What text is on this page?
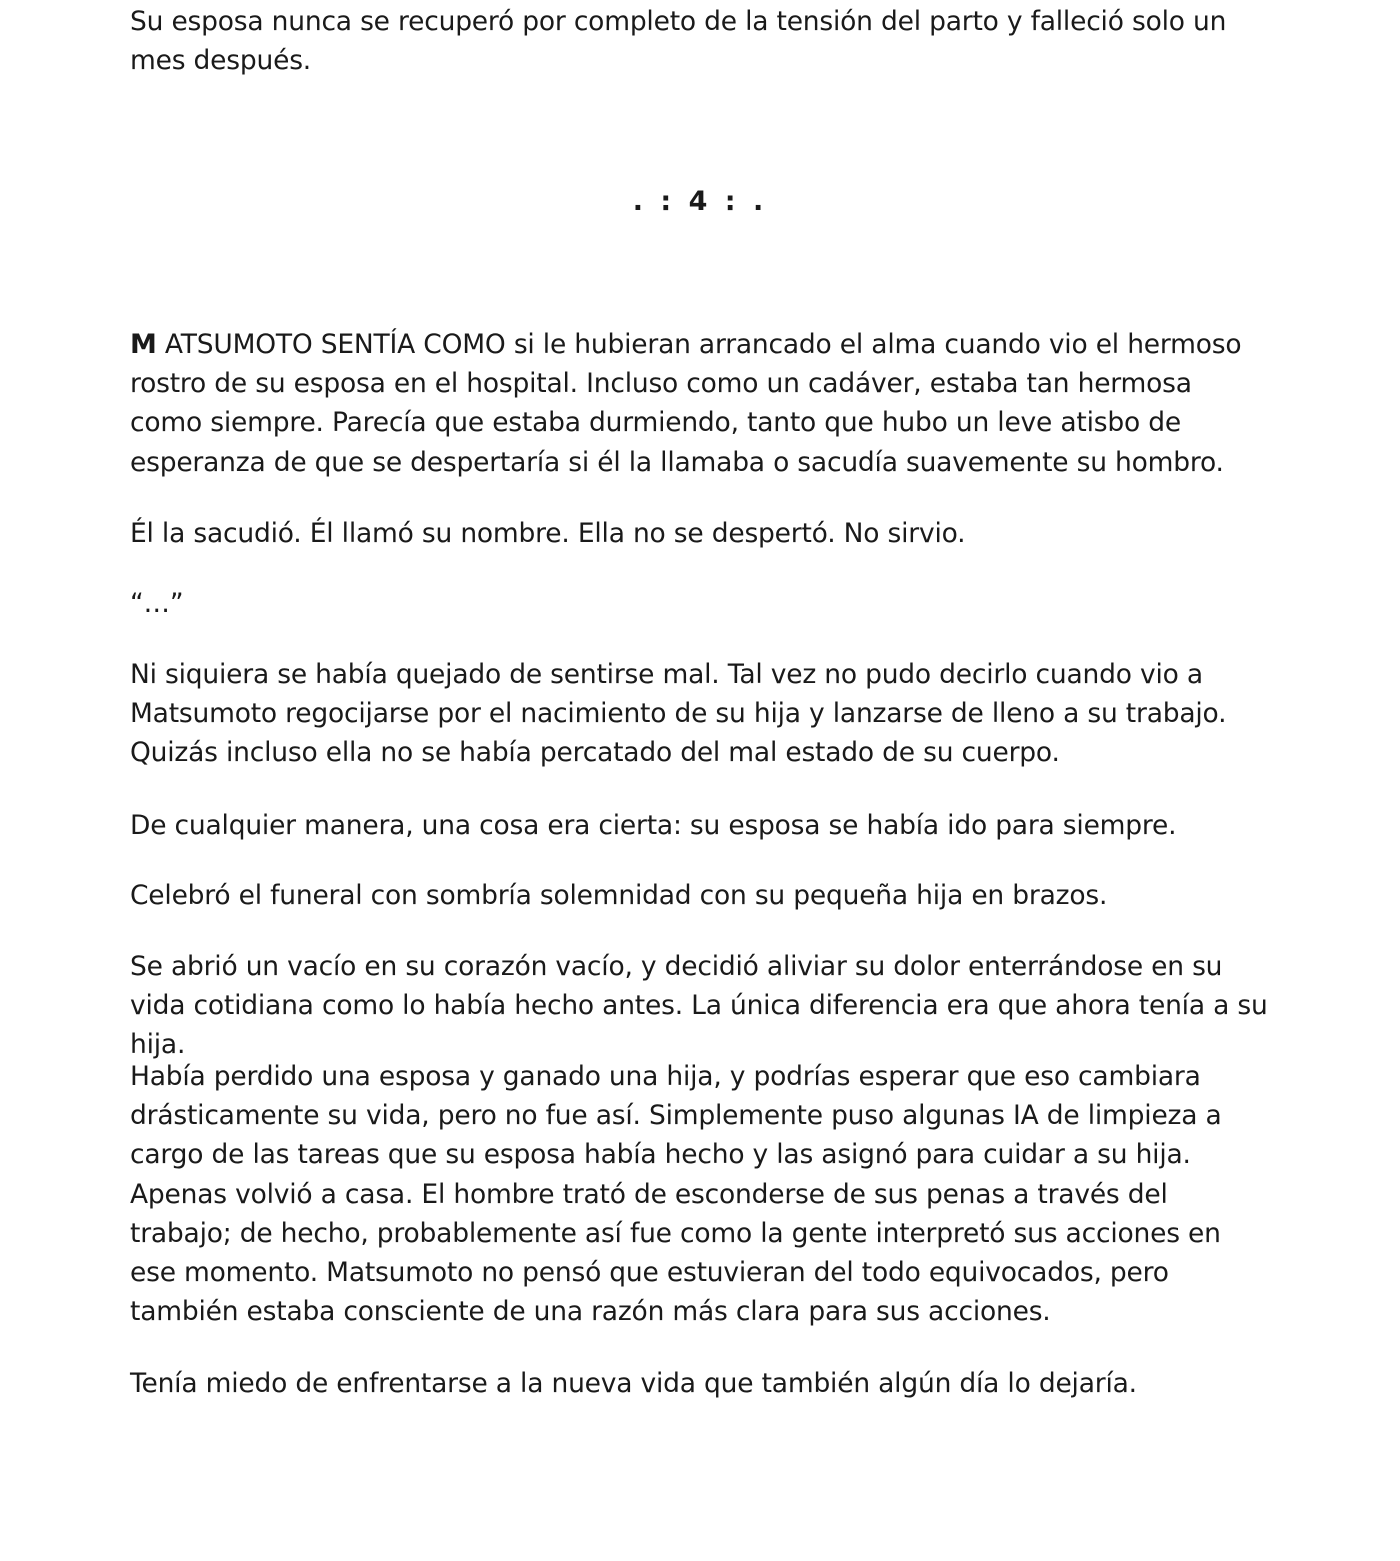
Su esposa nunca se recuperó por completo de la tensión del parto y falleció solo un mes después.

. : 4 : .

M ATSUMOTO SENTÍA COMO si le hubieran arrancado el alma cuando vio el hermoso rostro de su esposa en el hospital. Incluso como un cadáver, estaba tan hermosa como siempre. Parecía que estaba durmiendo, tanto que hubo un leve atisbo de esperanza de que se despertaría si él la llamaba o sacudía suavemente su hombro.

Él la sacudió. Él llamó su nombre. Ella no se despertó. No sirvio.

“…”

Ni siquiera se había quejado de sentirse mal. Tal vez no pudo decirlo cuando vio a Matsumoto regocijarse por el nacimiento de su hija y lanzarse de lleno a su trabajo. Quizás incluso ella no se había percatado del mal estado de su cuerpo.

De cualquier manera, una cosa era cierta: su esposa se había ido para siempre.

Celebró el funeral con sombría solemnidad con su pequeña hija en brazos.

Se abrió un vacío en su corazón vacío, y decidió aliviar su dolor enterrándose en su vida cotidiana como lo había hecho antes. La única diferencia era que ahora tenía a su hija.

Había perdido una esposa y ganado una hija, y podrías esperar que eso cambiara drásticamente su vida, pero no fue así. Simplemente puso algunas IA de limpieza a cargo de las tareas que su esposa había hecho y las asignó para cuidar a su hija. Apenas volvió a casa. El hombre trató de esconderse de sus penas a través del trabajo; de hecho, probablemente así fue como la gente interpretó sus acciones en ese momento. Matsumoto no pensó que estuvieran del todo equivocados, pero también estaba consciente de una razón más clara para sus acciones.

Tenía miedo de enfrentarse a la nueva vida que también algún día lo dejaría.
